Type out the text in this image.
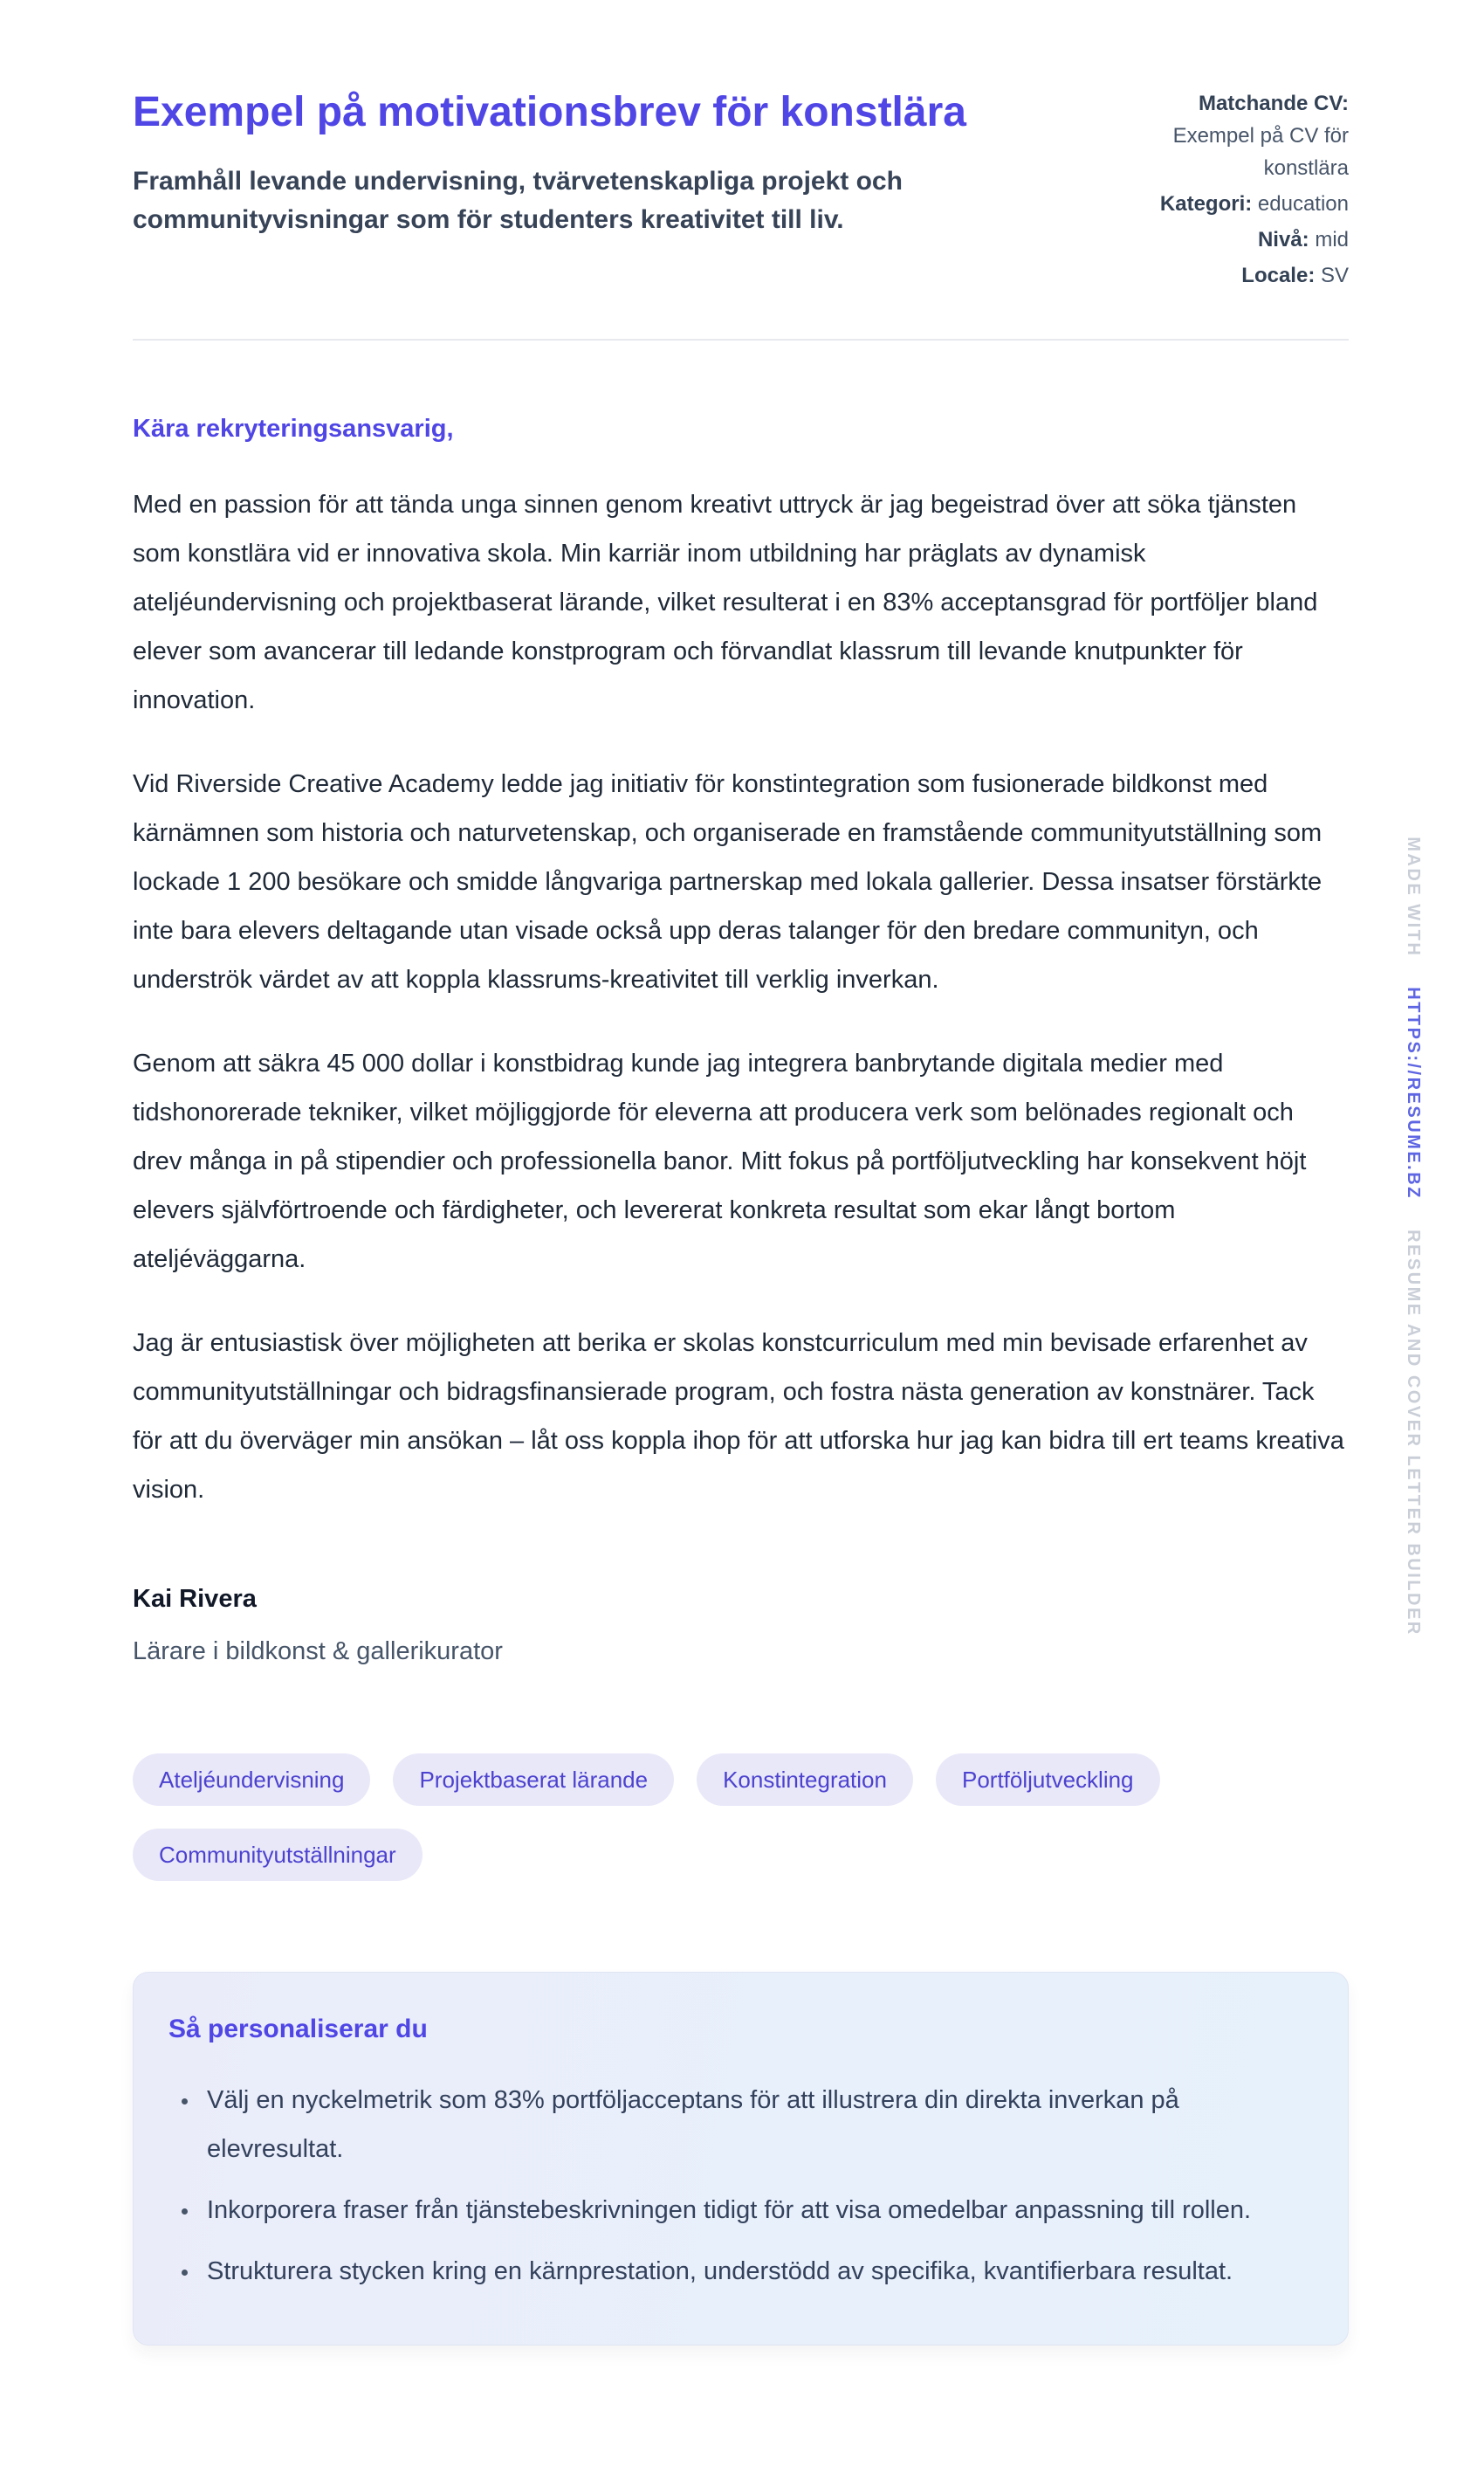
Exempel på motivationsbrev för konstlära

Framhåll levande undervisning, tvärvetenskapliga projekt och communityvisningar som för studenters kreativitet till liv.

Matchande CV: Exempel på CV för konstlära
Kategori: education
Nivå: mid
Locale: SV

Kära rekryteringsansvarig,

Med en passion för att tända unga sinnen genom kreativt uttryck är jag begeistrad över att söka tjänsten som konstlära vid er innovativa skola. Min karriär inom utbildning har präglats av dynamisk ateljéundervisning och projektbaserat lärande, vilket resulterat i en 83% acceptansgrad för portföljer bland elever som avancerar till ledande konstprogram och förvandlat klassrum till levande knutpunkter för innovation.

Vid Riverside Creative Academy ledde jag initiativ för konstintegration som fusionerade bildkonst med kärnämnen som historia och naturvetenskap, och organiserade en framstående communityutställning som lockade 1 200 besökare och smidde långvariga partnerskap med lokala gallerier. Dessa insatser förstärkte inte bara elevers deltagande utan visade också upp deras talanger för den bredare communityn, och underströk värdet av att koppla klassrums-kreativitet till verklig inverkan.

Genom att säkra 45 000 dollar i konstbidrag kunde jag integrera banbrytande digitala medier med tidshonorerade tekniker, vilket möjliggjorde för eleverna att producera verk som belönades regionalt och drev många in på stipendier och professionella banor. Mitt fokus på portföljutveckling har konsekvent höjt elevers självförtroende och färdigheter, och levererat konkreta resultat som ekar långt bortom ateljéväggarna.

Jag är entusiastisk över möjligheten att berika er skolas konstcurriculum med min bevisade erfarenhet av communityutställningar och bidragsfinansierade program, och fostra nästa generation av konstnärer. Tack för att du överväger min ansökan – låt oss koppla ihop för att utforska hur jag kan bidra till ert teams kreativa vision.

Kai Rivera
Lärare i bildkonst & gallerikurator
Ateljéundervisning	Projektbaserat lärande	Konstintegration	Portföljutveckling
Communityutställningar
Så personaliserar du
• Välj en nyckelmetrik som 83% portföljacceptans för att illustrera din direkta inverkan på elevresultat.
• Inkorporera fraser från tjänstebeskrivningen tidigt för att visa omedelbar anpassning till rollen.
• Strukturera stycken kring en kärnprestation, understödd av specifika, kvantifierbara resultat.
MADE WITH HTTPS://RESUME.BZ RESUME AND COVER LETTER BUILDER
